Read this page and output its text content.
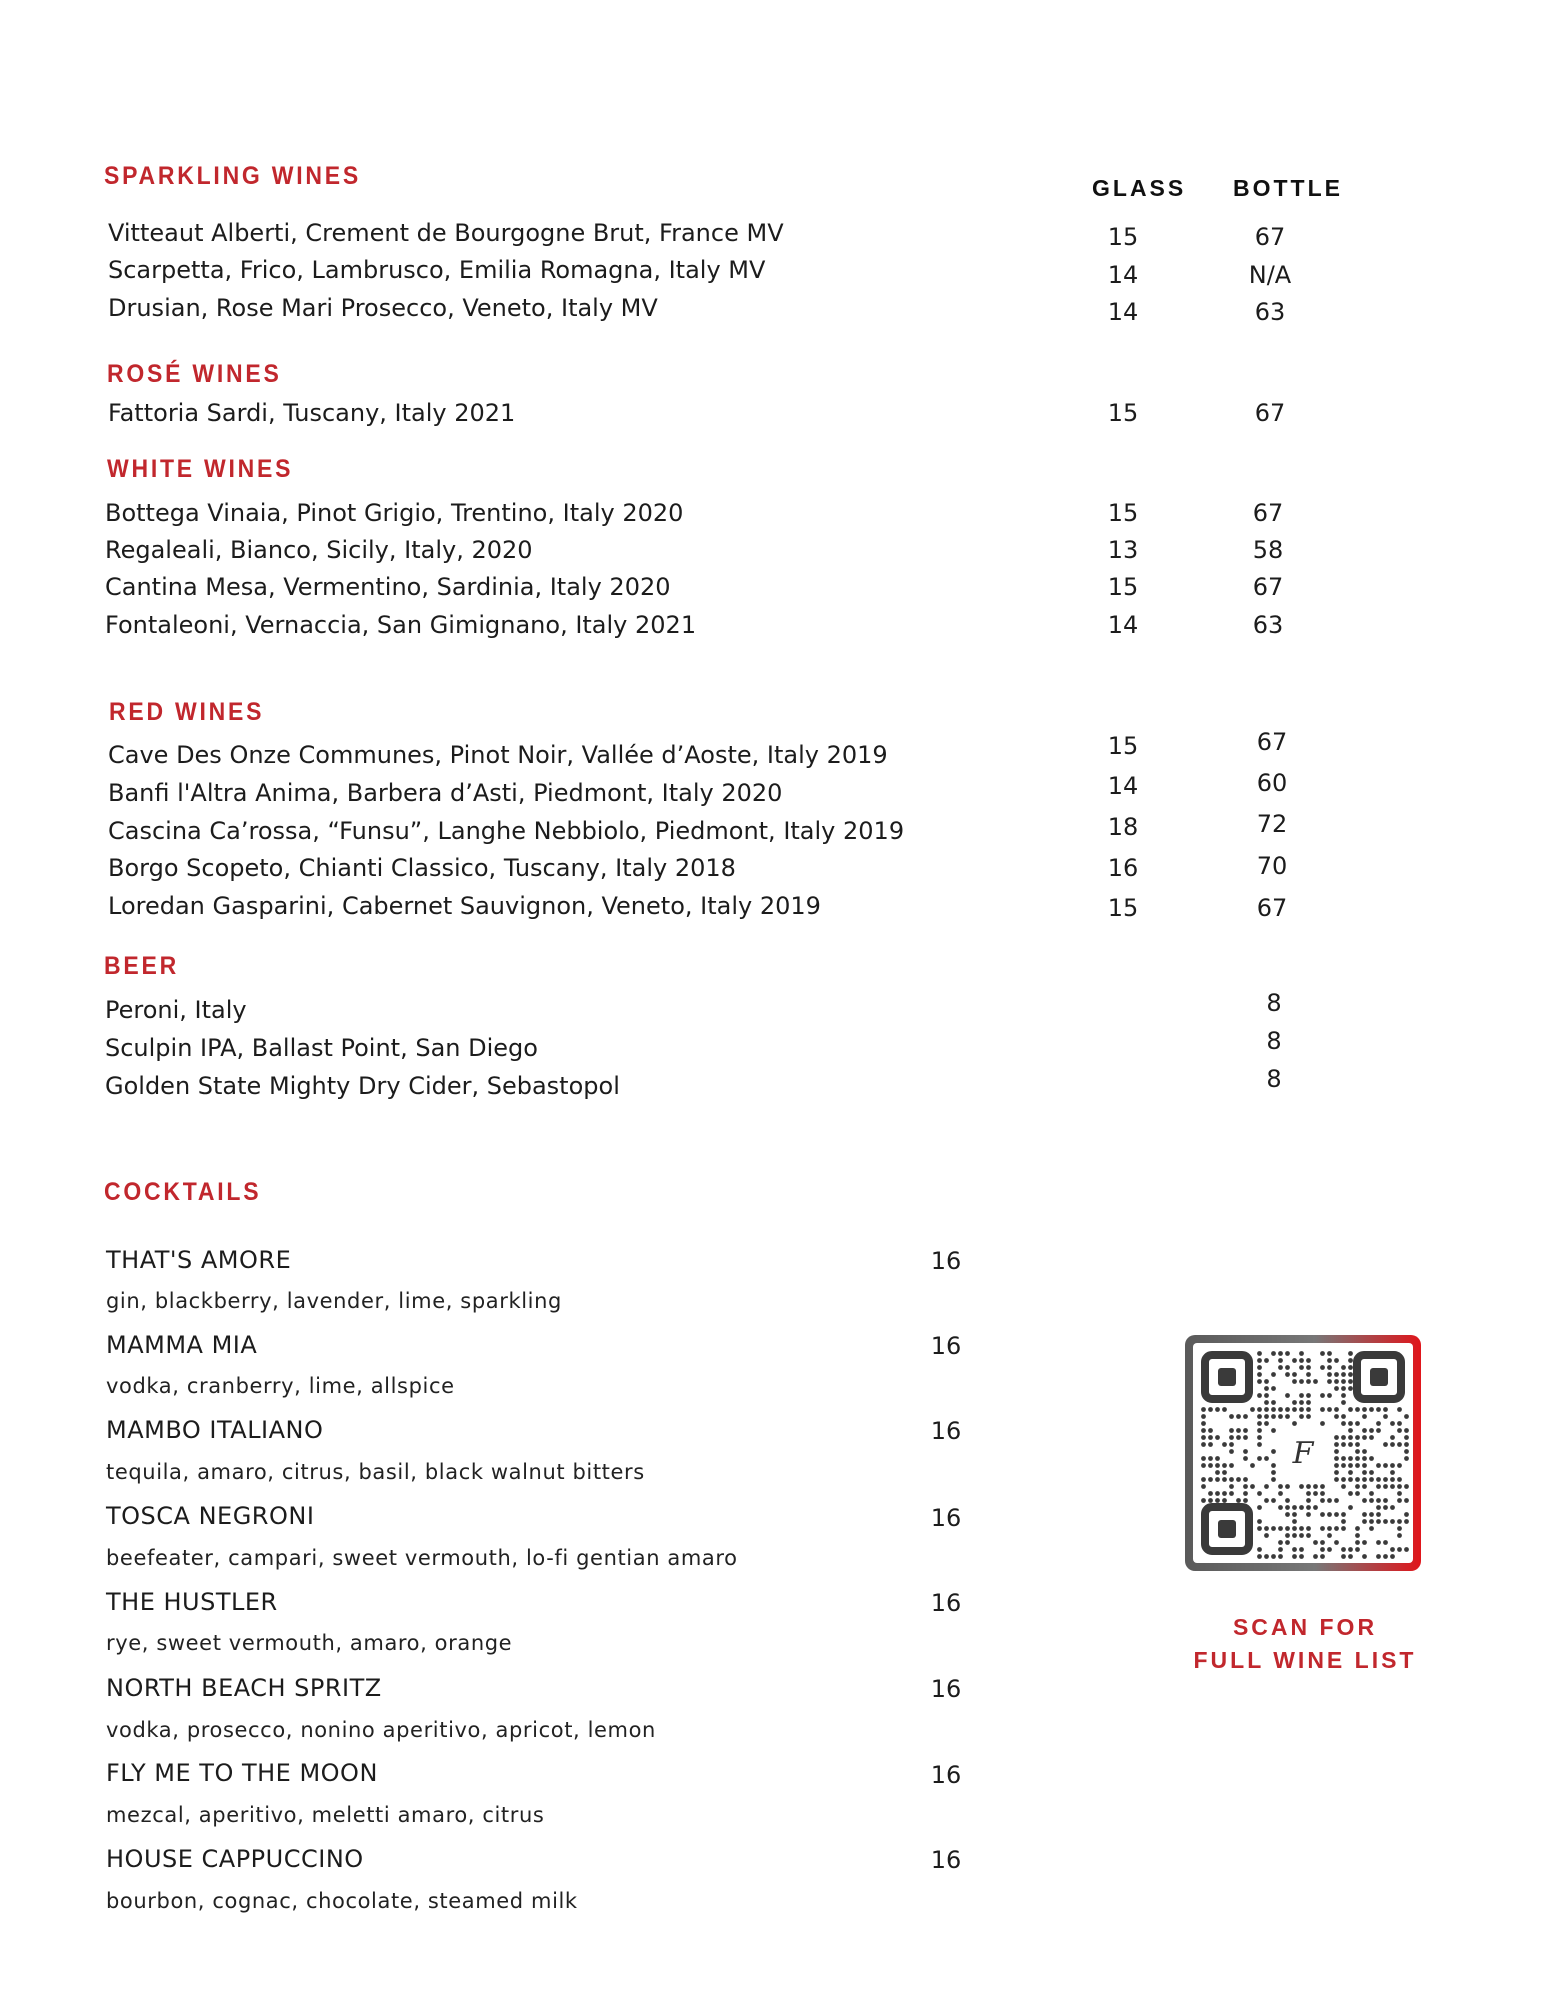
GLASS BOTTLE
SPARKLING WINES
Vitteaut Alberti, Crement de Bourgogne Brut, France MV	15	67
Scarpetta, Frico, Lambrusco, Emilia Romagna, Italy MV	14	N/A
Drusian, Rose Mari Prosecco, Veneto, Italy MV	14	63
ROSÉ WINES
Fattoria Sardi, Tuscany, Italy 2021	15	67
WHITE WINES
Bottega Vinaia, Pinot Grigio, Trentino, Italy 2020	15	67
Regaleali, Bianco, Sicily, Italy, 2020	13	58
Cantina Mesa, Vermentino, Sardinia, Italy 2020	15	67
Fontaleoni, Vernaccia, San Gimignano, Italy 2021	14	63
RED WINES
Cave Des Onze Communes, Pinot Noir, Vallée d’Aoste, Italy 2019	15	67
Banfi l'Altra Anima, Barbera d’Asti, Piedmont, Italy 2020	14	60
Cascina Ca’rossa, “Funsu”, Langhe Nebbiolo, Piedmont, Italy 2019	18	72
Borgo Scopeto, Chianti Classico, Tuscany, Italy 2018	16	70
Loredan Gasparini, Cabernet Sauvignon, Veneto, Italy 2019	15	67
BEER
Peroni, Italy	8
Sculpin IPA, Ballast Point, San Diego	8
Golden State Mighty Dry Cider, Sebastopol	8
COCKTAILS
THAT'S AMORE	16
gin, blackberry, lavender, lime, sparkling
MAMMA MIA	16
vodka, cranberry, lime, allspice
MAMBO ITALIANO	16
tequila, amaro, citrus, basil, black walnut bitters
TOSCA NEGRONI	16
beefeater, campari, sweet vermouth, lo-fi gentian amaro
THE HUSTLER	16
rye, sweet vermouth, amaro, orange
NORTH BEACH SPRITZ	16
vodka, prosecco, nonino aperitivo, apricot, lemon
FLY ME TO THE MOON	16
mezcal, aperitivo, meletti amaro, citrus
HOUSE CAPPUCCINO	16
bourbon, cognac, chocolate, steamed milk
F
SCAN FOR
FULL WINE LIST
